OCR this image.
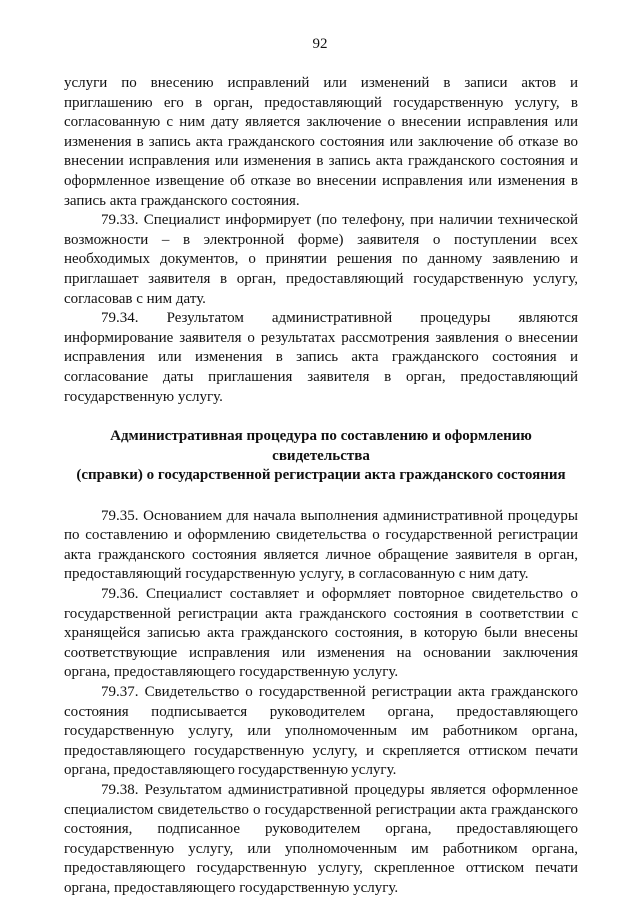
92

услуги по внесению исправлений или изменений в записи актов и приглашению его в орган, предоставляющий государственную услугу, в согласованную с ним дату является заключение о внесении исправления или изменения в запись акта гражданского состояния или заключение об отказе во внесении исправления или изменения в запись акта гражданского состояния и оформленное извещение об отказе во внесении исправления или изменения в запись акта гражданского состояния.

79.33. Специалист информирует (по телефону, при наличии технической возможности – в электронной форме) заявителя о поступлении всех необходимых документов, о принятии решения по данному заявлению и приглашает заявителя в орган, предоставляющий государственную услугу, согласовав с ним дату.

79.34. Результатом административной процедуры являются информирование заявителя о результатах рассмотрения заявления о внесении исправления или изменения в запись акта гражданского состояния и согласование даты приглашения заявителя в орган, предоставляющий государственную услугу.

Административная процедура по составлению и оформлению свидетельства
(справки) о государственной регистрации акта гражданского состояния

79.35. Основанием для начала выполнения административной процедуры по составлению и оформлению свидетельства о государственной регистрации акта гражданского состояния является личное обращение заявителя в орган, предоставляющий государственную услугу, в согласованную с ним дату.

79.36. Специалист составляет и оформляет повторное свидетельство о государственной регистрации акта гражданского состояния в соответствии с хранящейся записью акта гражданского состояния, в которую были внесены соответствующие исправления или изменения на основании заключения органа, предоставляющего государственную услугу.

79.37. Свидетельство о государственной регистрации акта гражданского состояния подписывается руководителем органа, предоставляющего государственную услугу, или уполномоченным им работником органа, предоставляющего государственную услугу, и скрепляется оттиском печати органа, предоставляющего государственную услугу.

79.38. Результатом административной процедуры является оформленное специалистом свидетельство о государственной регистрации акта гражданского состояния, подписанное руководителем органа, предоставляющего государственную услугу, или уполномоченным им работником органа, предоставляющего государственную услугу, скрепленное оттиском печати органа, предоставляющего государственную услугу.
